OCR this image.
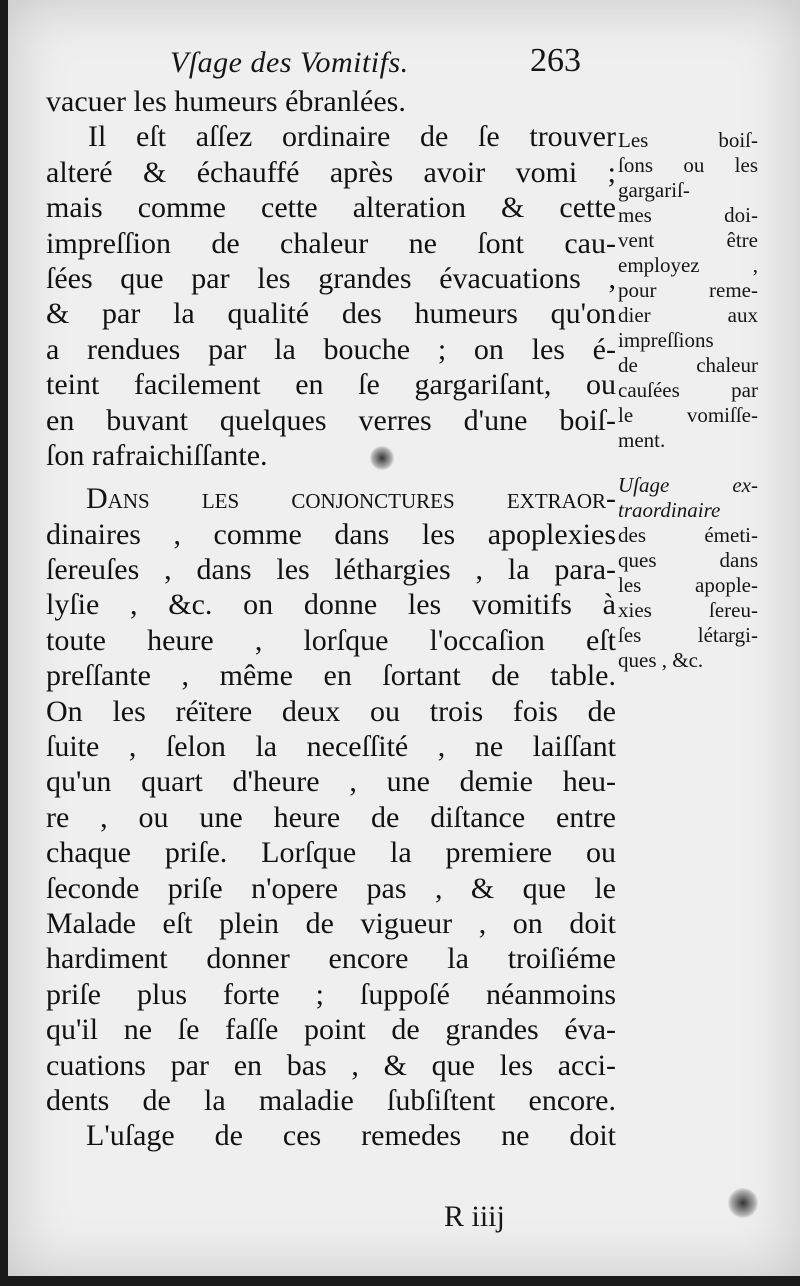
Vſage des Vomitifs.	263
vacuer les humeurs ébranlées.
Il eſt aſſez ordinaire de ſe trouver
alteré & échauffé après avoir vomi ;
mais comme cette alteration & cette
impreſſion de chaleur ne ſont cau-
ſées que par les grandes évacuations ,
& par la qualité des humeurs qu'on
a rendues par la bouche ; on les é-
teint facilement en ſe gargariſant, ou
en buvant quelques verres d'une boiſ-
ſon rafraichiſſante.
Dans les conjonctures extraor-
dinaires , comme dans les apoplexies
ſereuſes , dans les léthargies , la para-
lyſie , &c. on donne les vomitifs à
toute heure , lorſque l'occaſion eſt
preſſante , même en ſortant de table.
On les réïtere deux ou trois fois de
ſuite , ſelon la neceſſité , ne laiſſant
qu'un quart d'heure , une demie heu-
re , ou une heure de diſtance entre
chaque priſe. Lorſque la premiere ou
ſeconde priſe n'opere pas , & que le
Malade eſt plein de vigueur , on doit
hardiment donner encore la troiſiéme
priſe plus forte ; ſuppoſé néanmoins
qu'il ne ſe faſſe point de grandes éva-
cuations par en bas , & que les acci-
dents de la maladie ſubſiſtent encore.
L'uſage de ces remedes ne doit
Les boiſ-
ſons ou les
gargariſ-
mes doi-
vent être
employez ,
pour reme-
dier aux
impreſſions
de chaleur
cauſées par
le vomiſſe-
ment.
Uſage ex-
traordinaire
des émeti-
ques dans
les apople-
xies ſereu-
ſes létargi-
ques , &c.
R iiij
